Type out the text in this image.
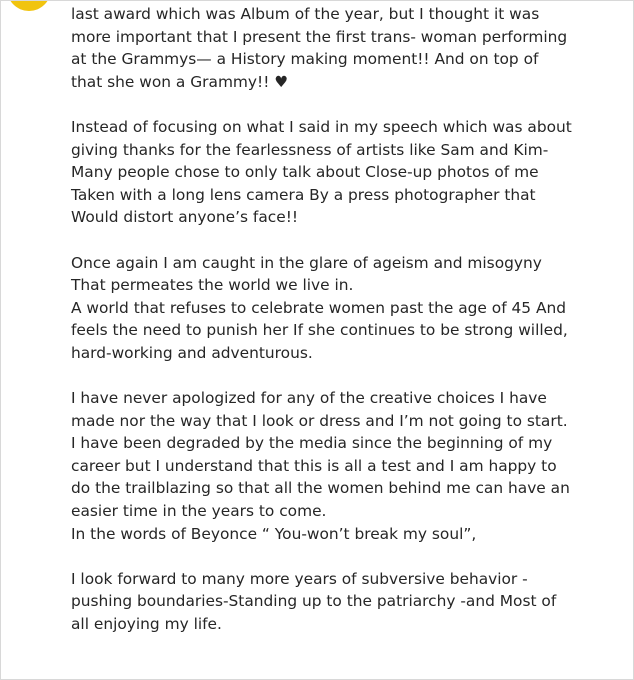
last award which was Album of the year, but I thought it was
more important that I present the first trans- woman performing
at the Grammys— a History making moment!! And on top of
that she won a Grammy!! ♥

Instead of focusing on what I said in my speech which was about
giving thanks for the fearlessness of artists like Sam and Kim-
Many people chose to only talk about Close-up photos of me
Taken with a long lens camera By a press photographer that
Would distort anyone’s face!!

Once again I am caught in the glare of ageism and misogyny
That permeates the world we live in.
A world that refuses to celebrate women past the age of 45 And
feels the need to punish her If she continues to be strong willed,
hard-working and adventurous.

I have never apologized for any of the creative choices I have
made nor the way that I look or dress and I’m not going to start.
I have been degraded by the media since the beginning of my
career but I understand that this is all a test and I am happy to
do the trailblazing so that all the women behind me can have an
easier time in the years to come.
In the words of Beyonce “ You-won’t break my soul”,

I look forward to many more years of subversive behavior -
pushing boundaries-Standing up to the patriarchy -and Most of
all enjoying my life.
